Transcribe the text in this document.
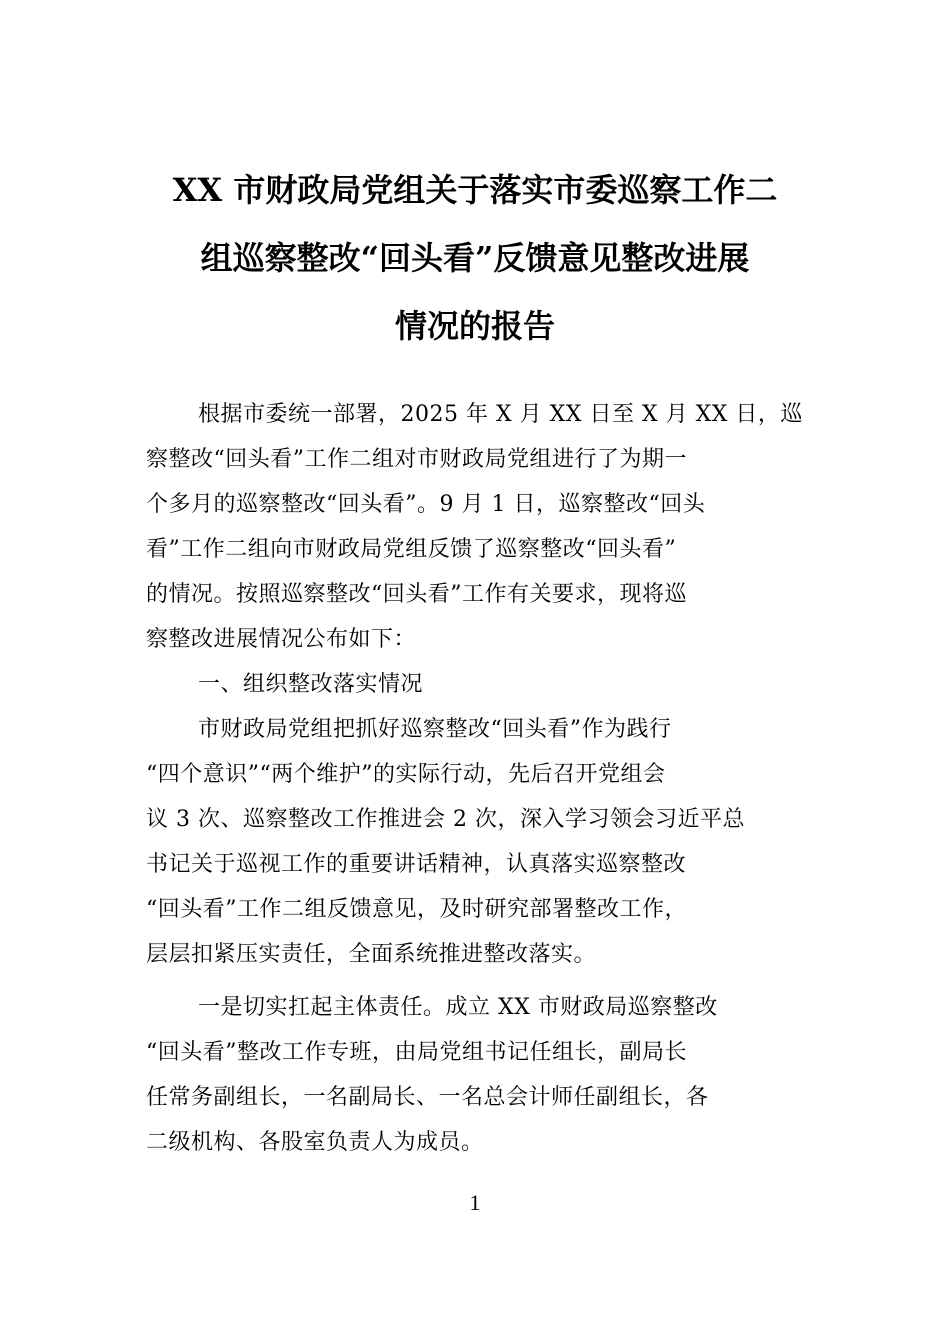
XX 市财政局党组关于落实市委巡察工作二
组巡察整改“回头看”反馈意见整改进展
情况的报告
根据市委统一部署，2025 年 X 月 XX 日至 X 月 XX 日，巡
察整改“回头看”工作二组对市财政局党组进行了为期一
个多月的巡察整改“回头看”。9 月 1 日，巡察整改“回头
看”工作二组向市财政局党组反馈了巡察整改“回头看”
的情况。按照巡察整改“回头看”工作有关要求，现将巡
察整改进展情况公布如下：
一、组织整改落实情况
市财政局党组把抓好巡察整改“回头看”作为践行
“四个意识”“两个维护”的实际行动，先后召开党组会
议 3 次、巡察整改工作推进会 2 次，深入学习领会习近平总
书记关于巡视工作的重要讲话精神，认真落实巡察整改
“回头看”工作二组反馈意见，及时研究部署整改工作，
层层扣紧压实责任，全面系统推进整改落实。
一是切实扛起主体责任。成立 XX 市财政局巡察整改
“回头看”整改工作专班，由局党组书记任组长，副局长
任常务副组长，一名副局长、一名总会计师任副组长，各
二级机构、各股室负责人为成员。
1
